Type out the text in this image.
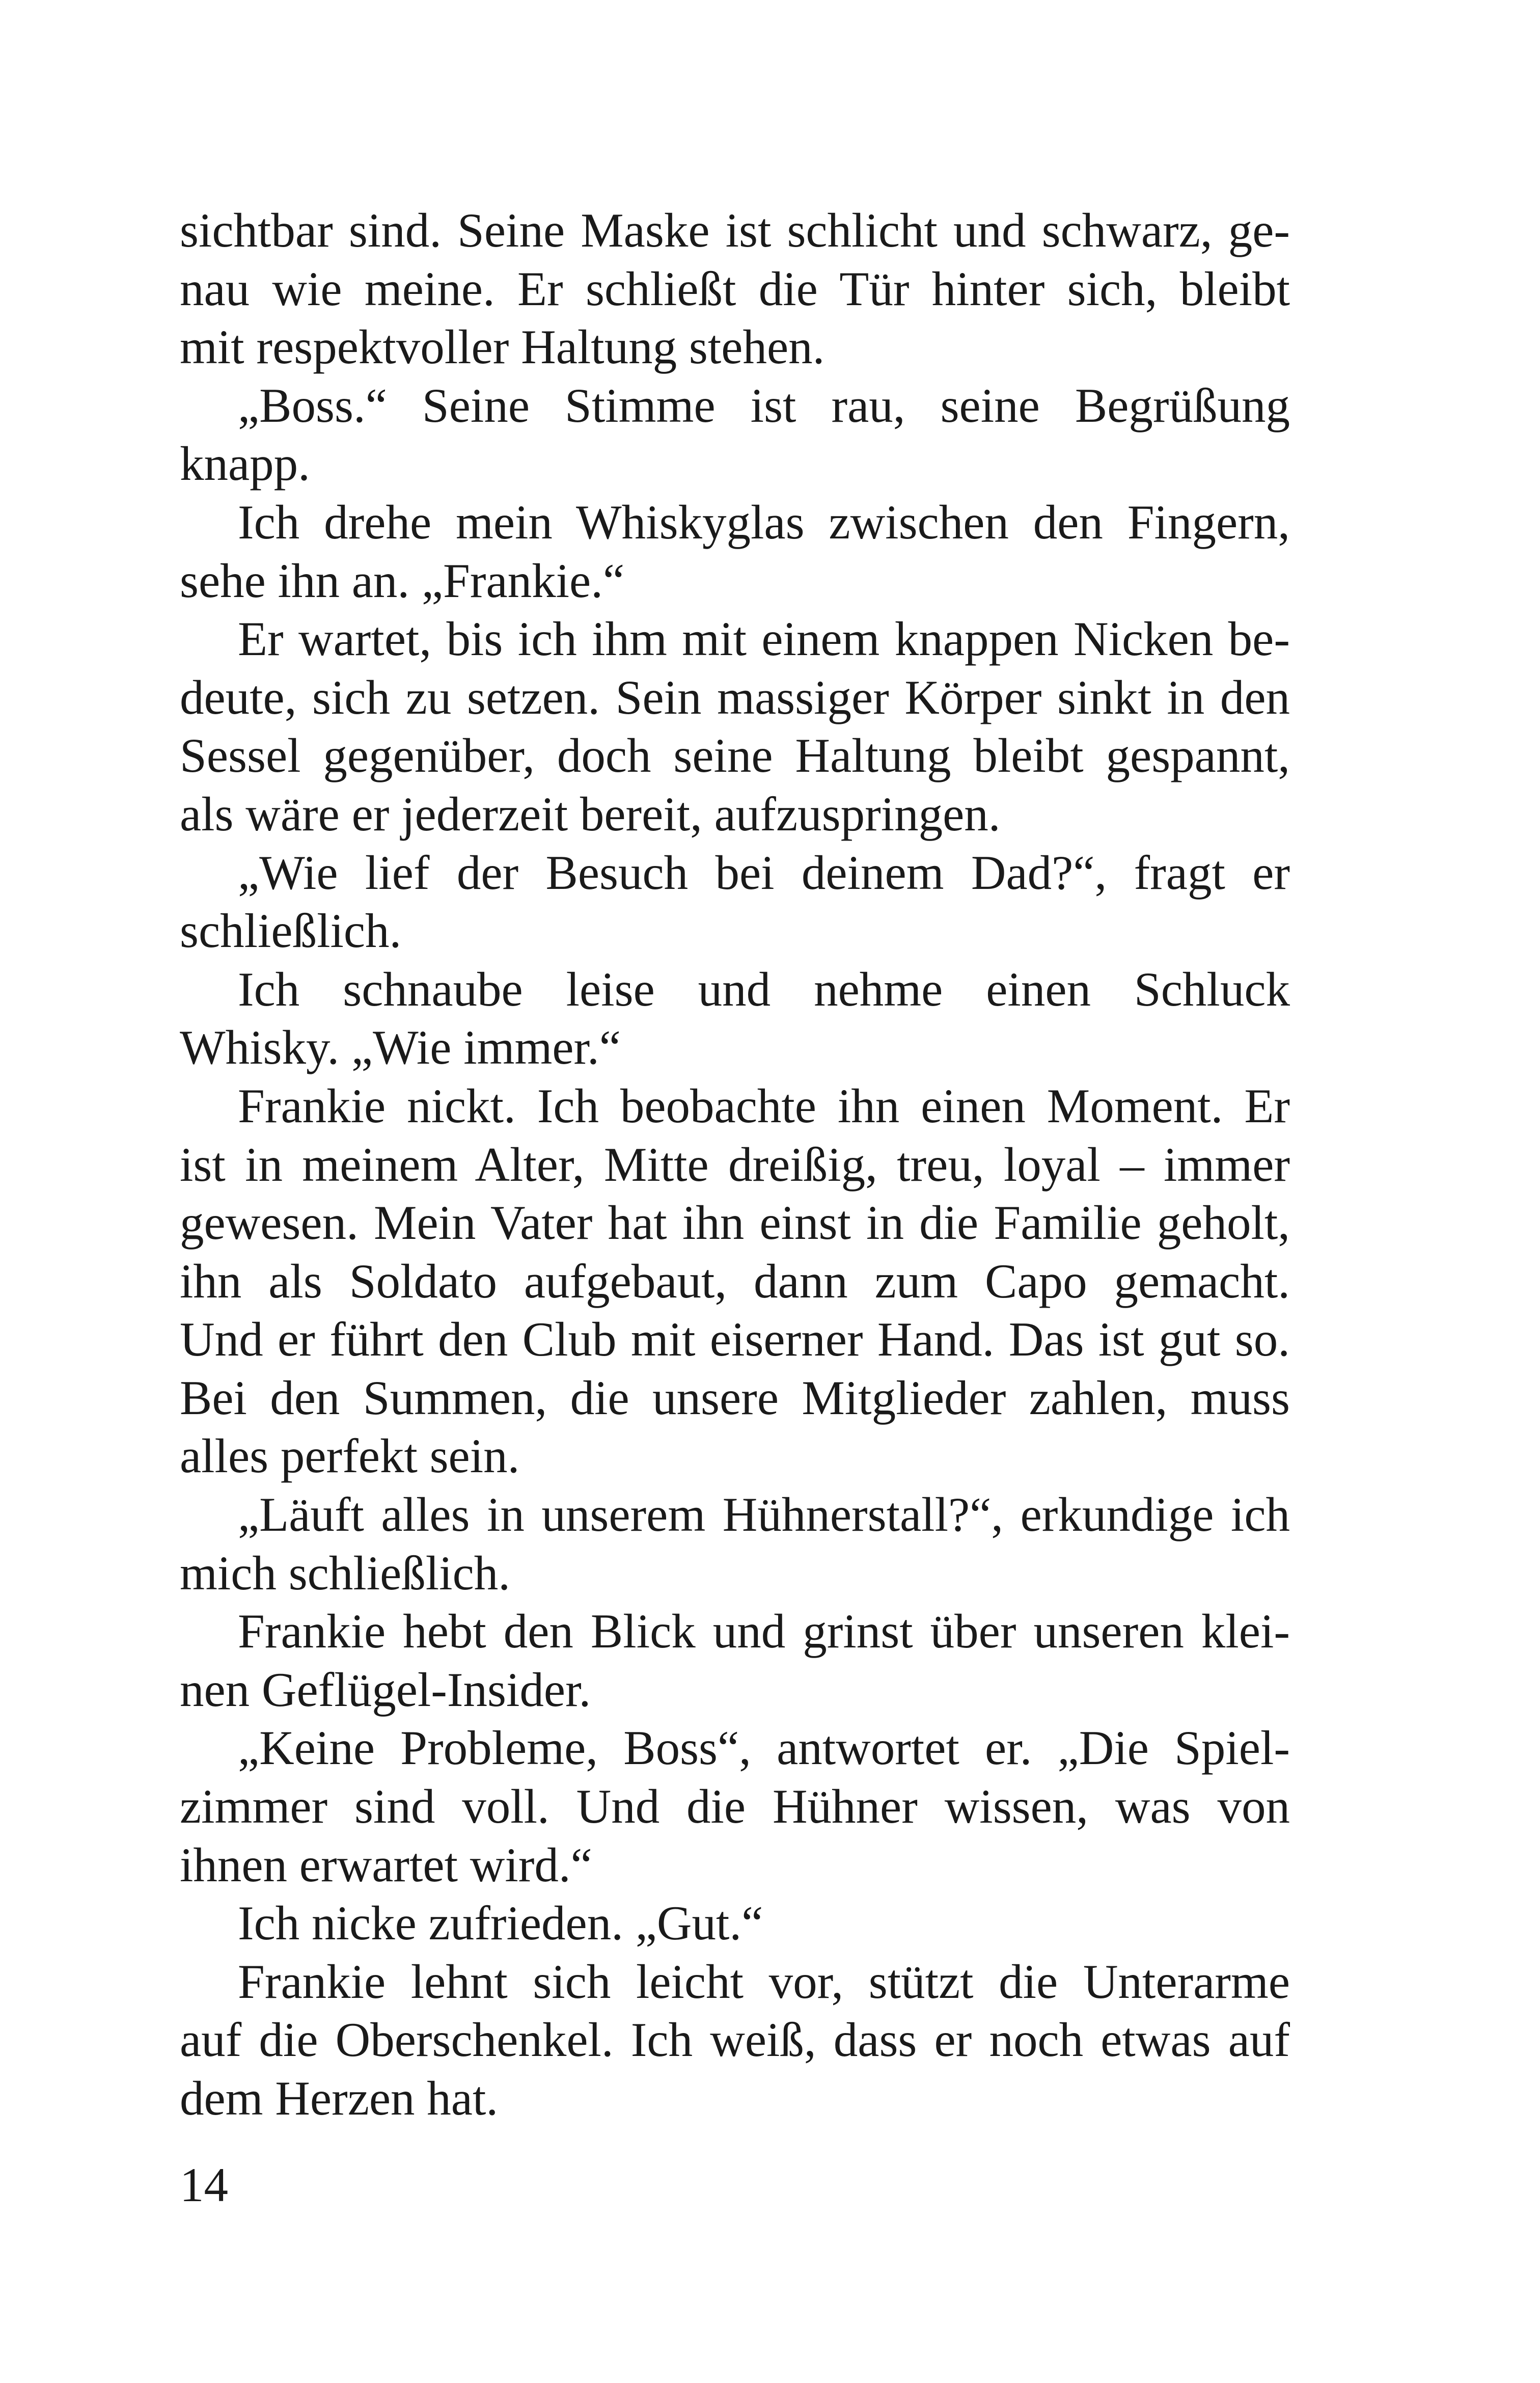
sichtbar sind. Seine Maske ist schlicht und schwarz, ge-
nau wie meine. Er schließt die Tür hinter sich, bleibt
mit respektvoller Haltung stehen.
„Boss.“ Seine Stimme ist rau, seine Begrüßung
knapp.
Ich drehe mein Whiskyglas zwischen den Fingern,
sehe ihn an. „Frankie.“
Er wartet, bis ich ihm mit einem knappen Nicken be-
deute, sich zu setzen. Sein massiger Körper sinkt in den
Sessel gegenüber, doch seine Haltung bleibt gespannt,
als wäre er jederzeit bereit, aufzuspringen.
„Wie lief der Besuch bei deinem Dad?“, fragt er
schließlich.
Ich schnaube leise und nehme einen Schluck
Whisky. „Wie immer.“
Frankie nickt. Ich beobachte ihn einen Moment. Er
ist in meinem Alter, Mitte dreißig, treu, loyal – immer
gewesen. Mein Vater hat ihn einst in die Familie geholt,
ihn als Soldato aufgebaut, dann zum Capo gemacht.
Und er führt den Club mit eiserner Hand. Das ist gut so.
Bei den Summen, die unsere Mitglieder zahlen, muss
alles perfekt sein.
„Läuft alles in unserem Hühnerstall?“, erkundige ich
mich schließlich.
Frankie hebt den Blick und grinst über unseren klei-
nen Geflügel-Insider.
„Keine Probleme, Boss“, antwortet er. „Die Spiel-
zimmer sind voll. Und die Hühner wissen, was von
ihnen erwartet wird.“
Ich nicke zufrieden. „Gut.“
Frankie lehnt sich leicht vor, stützt die Unterarme
auf die Oberschenkel. Ich weiß, dass er noch etwas auf
dem Herzen hat.
14
